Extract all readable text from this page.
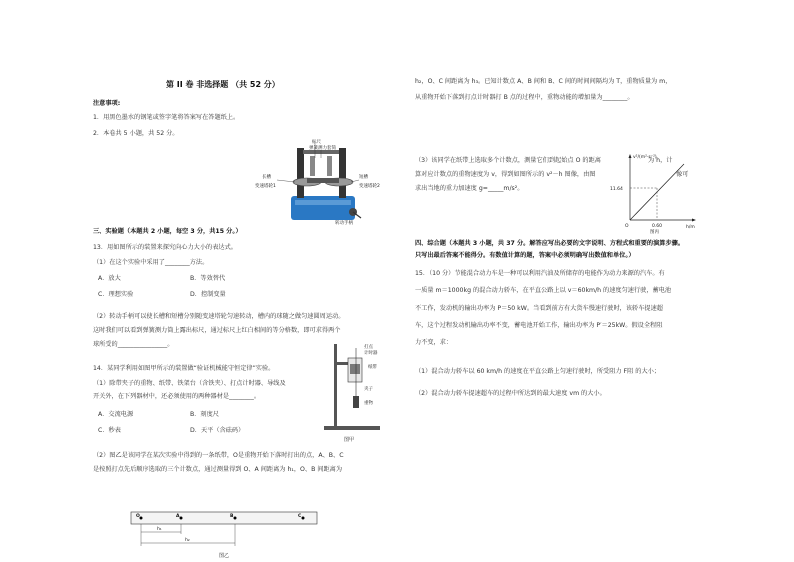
第 II 卷 非选择题 （共 52 分）
注意事项:
1．用黑色墨水的钢笔或签字笔将答案写在答题纸上。
2．本卷共 5 小题，共 52 分。
标尺
弹簧测力套筒
长槽
变速塔轮1
短槽
变速塔轮2
转动手柄
三、实验题（本题共 2 小题，每空 3 分，共15 分。）
13．用如图所示的装置来探究向心力大小的表达式。
（1）在这个实验中采用了________方法。
A．放大	B．等效替代
C．理想实验	D．控制变量
（2）转动手柄可以使长槽和短槽分别随变速塔轮匀速转动，槽内的球随之做匀速圆周运动。
这时我们可以看到弹簧测力筒上露出标尺，通过标尺上红白相间的等分格数，即可求得两个
球所受的________________。
14．某同学利用如图甲所示的装置做“验证机械能守恒定律”实验。
（1）除带夹子的重物、纸带、铁架台（含铁夹）、打点计时器、导线及
开关外，在下列器材中，还必须使用的两种器材是________。
A．交流电源	B．刻度尺
C．秒表	D．天平（含砝码）
打点
计时器
纸带
夹子
重物
图甲
（2）图乙是该同学在某次实验中得到的一条纸带，O是重物开始下落时打出的点，A、B、C
是按照打点先后顺序选取的三个计数点，通过测量得到 O、A 间距离为 h₁，O、B 间距离为
O	A	B	C
h₁
h₂
图乙
h₂，O、C 间距离为 h₃。已知计数点 A、B 间和 B、C 间的时间间隔均为 T，重物质量为 m，
从重物开始下落到打点计时器打 B 点的过程中，重物动能的增加量为________。
（3）该同学在纸带上选取多个计数点，测量它们到起始点 O 的距离
算对应计数点的重物速度为 v，得到如图所示的 v²－h 图像，由图
求出当地的重力加速度 g=_____m/s²。
为 h，计
像可
v²/(m²·s⁻²)
h/m
11.64
0.60
O
图丙
四、综合题（本题共 3 小题，共 37 分。解答应写出必要的文字说明、方程式和重要的演算步骤。
只写出最后答案不能得分。有数值计算的题，答案中必须明确写出数值和单位。）
15．（10 分）节能混合动力车是一种可以利用汽油及所储存的电能作为动力来源的汽车。有
一质量 m＝1000kg 的混合动力轿车，在平直公路上以 v＝60km/h 的速度匀速行驶，蓄电池
不工作，发动机的输出功率为 P＝50 kW。当看到前方有大货车慢速行驶时，该轿车提速超
车，这个过程发动机输出功率不变，蓄电池开始工作，输出功率为 P′＝25kW。假设全程阻
力不变，求：
（1）混合动力轿车以 60 km/h 的速度在平直公路上匀速行驶时，所受阻力 F阻 的大小；
（2）混合动力轿车提速超车的过程中所达到的最大速度 vm 的大小。
